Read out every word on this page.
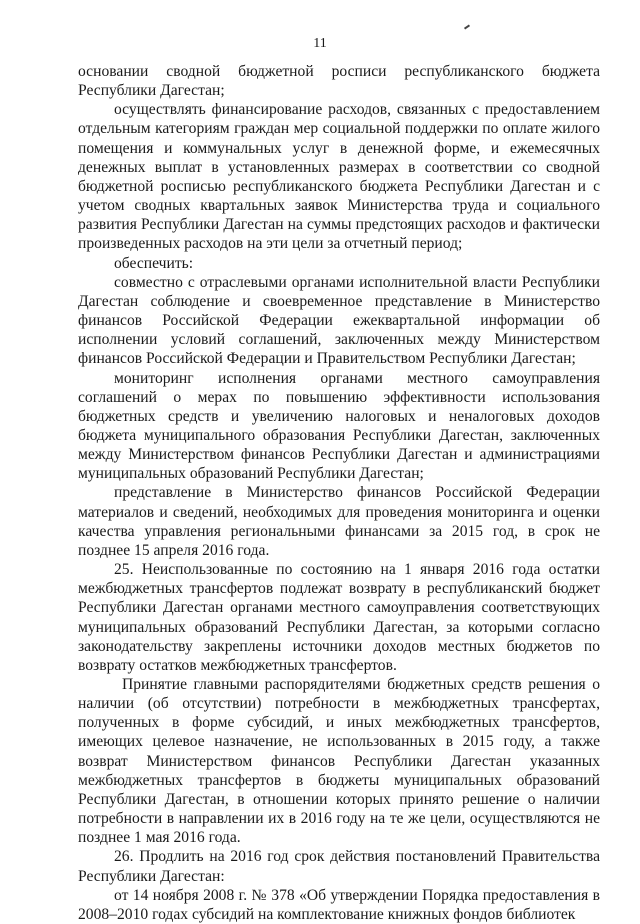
11

основании сводной бюджетной росписи республиканского бюджета Республики Дагестан;

осуществлять финансирование расходов, связанных с предоставлением отдельным категориям граждан мер социальной поддержки по оплате жилого помещения и коммунальных услуг в денежной форме, и ежемесячных денежных выплат в установленных размерах в соответствии со сводной бюджетной росписью республиканского бюджета Республики Дагестан и с учетом сводных квартальных заявок Министерства труда и социального развития Республики Дагестан на суммы предстоящих расходов и фактически произведенных расходов на эти цели за отчетный период;

обеспечить:

совместно с отраслевыми органами исполнительной власти Республики Дагестан соблюдение и своевременное представление в Министерство финансов Российской Федерации ежеквартальной информации об исполнении условий соглашений, заключенных между Министерством финансов Российской Федерации и Правительством Республики Дагестан;

мониторинг исполнения органами местного самоуправления соглашений о мерах по повышению эффективности использования бюджетных средств и увеличению налоговых и неналоговых доходов бюджета муниципального образования Республики Дагестан, заключенных между Министерством финансов Республики Дагестан и администрациями муниципальных образований Республики Дагестан;

представление в Министерство финансов Российской Федерации материалов и сведений, необходимых для проведения мониторинга и оценки качества управления региональными финансами за 2015 год, в срок не позднее 15 апреля 2016 года.

25. Неиспользованные по состоянию на 1 января 2016 года остатки межбюджетных трансфертов подлежат возврату в республиканский бюджет Республики Дагестан органами местного самоуправления соответствующих муниципальных образований Республики Дагестан, за которыми согласно законодательству закреплены источники доходов местных бюджетов по возврату остатков межбюджетных трансфертов.

Принятие главными распорядителями бюджетных средств решения о наличии (об отсутствии) потребности в межбюджетных трансфертах, полученных в форме субсидий, и иных межбюджетных трансфертов, имеющих целевое назначение, не использованных в 2015 году, а также возврат Министерством финансов Республики Дагестан указанных межбюджетных трансфертов в бюджеты муниципальных образований Республики Дагестан, в отношении которых принято решение о наличии потребности в направлении их в 2016 году на те же цели, осуществляются не позднее 1 мая 2016 года.

26. Продлить на 2016 год срок действия постановлений Правительства Республики Дагестан:

от 14 ноября 2008 г. № 378 «Об утверждении Порядка предоставления в 2008–2010 годах субсидий на комплектование книжных фондов библиотек
